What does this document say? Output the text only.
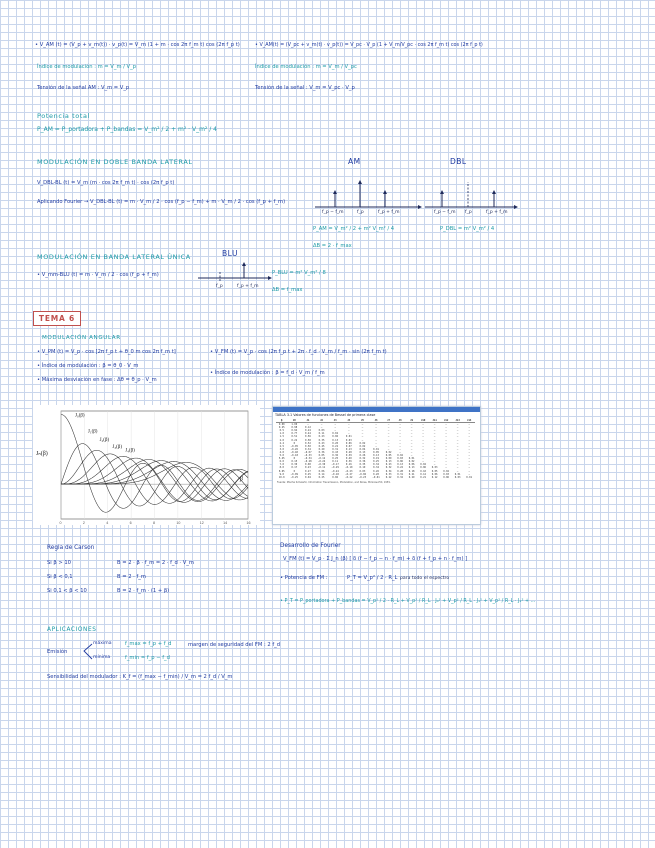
• V_AM (t) = (V_p + v_m(t)) · v_p(t) = V_m (1 + m · cos 2π f_m t) cos (2π f_p t)	• V_AM(t) = (V_pc + v_m(t) · v_p(t)) = V_pc · V_p (1 + V_m/V_pc · cos 2π f_m t) cos (2π f_p t)
Índice de modulación : m = V_m / V_p	Índice de modulación : m = V_m / V_pc
Tensión de la señal AM : V_m = V_p	Tensión de la señal : V_m = V_pc · V_p
Potencia total
P_AM = P_portadora + P_bandas = V_m² / 2 + m² · V_m² / 4
MODULACIÓN EN DOBLE BANDA LATERAL
V_DBL-BL (t) = V_m (m · cos 2π f_m t) · cos (2π f_p t)
Aplicando Fourier → V_DBL-BL (t) = m · V_m / 2 · cos (f_p − f_m) + m · V_m / 2 · cos (f_p + f_m)
AM	DBL
f_p − f_m	f_p	f_p + f_m	f_p − f_m f_p	f_p + f_m
P_AM = V_m² / 2 + m² V_m² / 4
ΔB = 2 · f_max
P_DBL = m² V_m² / 4
MODULACIÓN EN BANDA LATERAL ÚNICA	BLU
• V_mm-BLU (t) = m · V_m / 2 · cos (f_p + f_m)
f_p	f_p + f_m
P_BLU = m² V_m² / 8
ΔB = f_max
TEMA 6
MODULACIÓN ANGULAR
• V_PM (t) = V_p · cos [2π f_p t + θ_0 m cos 2π f_m t]	• V_FM (t) = V_p · cos (2π f_p t + 2π · f_d · V_m / f_m · sin (2π f_m t)
• Índice de modulación : β = θ_0 · V_m
• Índice de modulación : β = f_d · V_m / f_m
• Máxima desviación en fase : Δθ = θ_p · V_m
J₀(β)
J₁(β)
J₂(β)
J₃(β)
J₄(β)
Jₙ(β)
β
0	2	4	6	8	10	12	14	16
TABLA 3.1 Valores de funciones de Bessel de primera clase
β	J0	J1	J2	J3	J4	J5	J6	J7	J8	J9	J10	J11	J12	J13	J14
0.00	1.00	—	—	—	—	—	—	—	—	—	—	—	—	—	—
0.25	0.98	0.12	—	—	—	—	—	—	—	—	—	—	—	—	—
0.5	0.94	0.24	0.03	—	—	—	—	—	—	—	—	—	—	—	—
1.0	0.77	0.44	0.11	0.02	—	—	—	—	—	—	—	—	—	—	—
1.5	0.51	0.56	0.23	0.06	0.01	—	—	—	—	—	—	—	—	—	—
2.0	0.22	0.58	0.35	0.13	0.03	—	—	—	—	—	—	—	—	—	—
2.4	0	0.52	0.43	0.20	0.06	0.02	—	—	—	—	—	—	—	—	—
2.5	−0.05	0.50	0.45	0.22	0.07	0.02	—	—	—	—	—	—	—	—	—
3.0	−0.26	0.34	0.49	0.31	0.13	0.04	0.01	—	—	—	—	—	—	—	—
4.0	−0.40	−0.07	0.36	0.43	0.28	0.13	0.05	0.02	—	—	—	—	—	—	—
5.0	−0.18	−0.33	0.05	0.36	0.39	0.26	0.13	0.05	0.02	—	—	—	—	—	—
5.45	0	−0.34	−0.12	0.25	0.40	0.32	0.19	0.09	0.03	0.01	—	—	—	—	—
6.0	0.15	−0.28	−0.24	0.11	0.36	0.36	0.25	0.13	0.06	0.02	—	—	—	—	—
7.0	0.30	0.00	−0.30	−0.17	0.16	0.35	0.34	0.23	0.13	0.06	0.02	—	—	—	—
8.0	0.17	0.23	−0.11	−0.29	−0.10	0.19	0.34	0.32	0.22	0.13	0.06	0.03	—	—	—
8.65	0	0.27	0.06	−0.24	−0.23	0.03	0.26	0.34	0.28	0.18	0.10	0.05	0.02	—	—
9.0	−0.09	0.25	0.14	−0.18	−0.27	−0.06	0.20	0.33	0.31	0.21	0.12	0.06	0.03	0.01	—
10.0	−0.25	0.04	0.25	0.06	−0.22	−0.23	−0.01	0.22	0.32	0.29	0.21	0.12	0.06	0.03	0.01
Fuente: Mischa Schwartz, Information Transmission, Modulation, and Noise, McGraw-Hill, 1959.
Regla de Carson
Si β > 10	B = 2 · β · f_m = 2 · f_d · V_m
Si β < 0,1	B = 2 · f_m
Si 0,1 < β < 10	B = 2 · f_m · (1 + β)
Desarrollo de Fourier
V_FM (t) = V_p · Σ J_n (β) [ δ (f − f_p − n · f_m) + δ (f + f_p + n · f_m) ]
• Potencia de FM :	P_T = V_p² / 2 · R_L para todo el espectro
• P_T = P_portadora + P_bandas = V_p² / 2 · R_L + V_p² / R_L · J₀² + V_p² / R_L · J₁² + V_p² / R_L · J₂² + ...
APLICACIONES
Emisión
máxima
mínima
f_max = f_p + f_d
f_min = f_p − f_d
margen de seguridad del FM : 2 f_d
Sensibilidad del modulador : K_f = (f_max − f_min) / V_m = 2 f_d / V_m
